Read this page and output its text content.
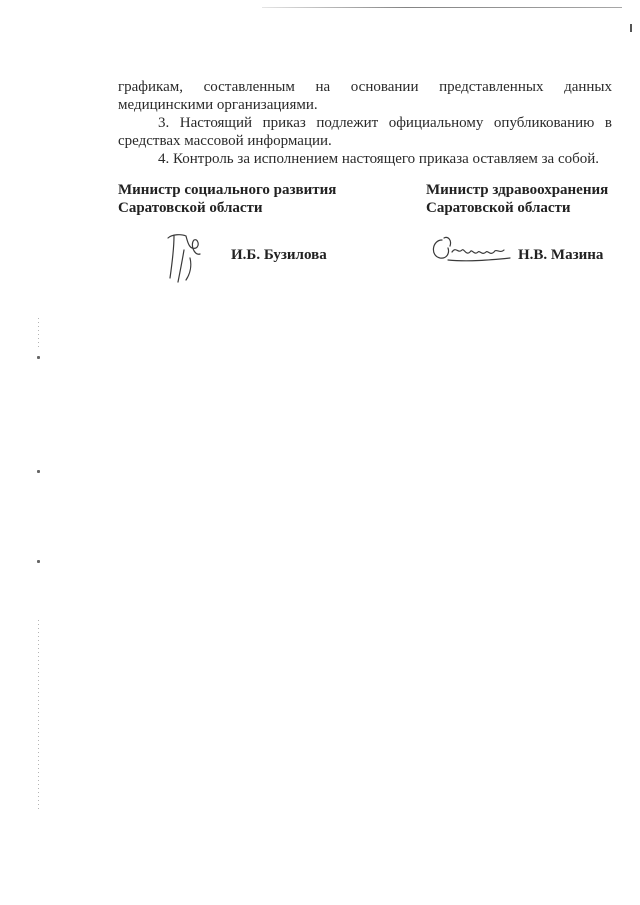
графикам, составленным на основании представленных данных медицинскими организациями.

3. Настоящий приказ подлежит официальному опубликованию в средствах массовой информации.

4. Контроль за исполнением настоящего приказа оставляем за собой.

Министр социального развития
Саратовской области
Министр здравоохранения
Саратовской области
И.Б. Бузилова	Н.В. Мазина
